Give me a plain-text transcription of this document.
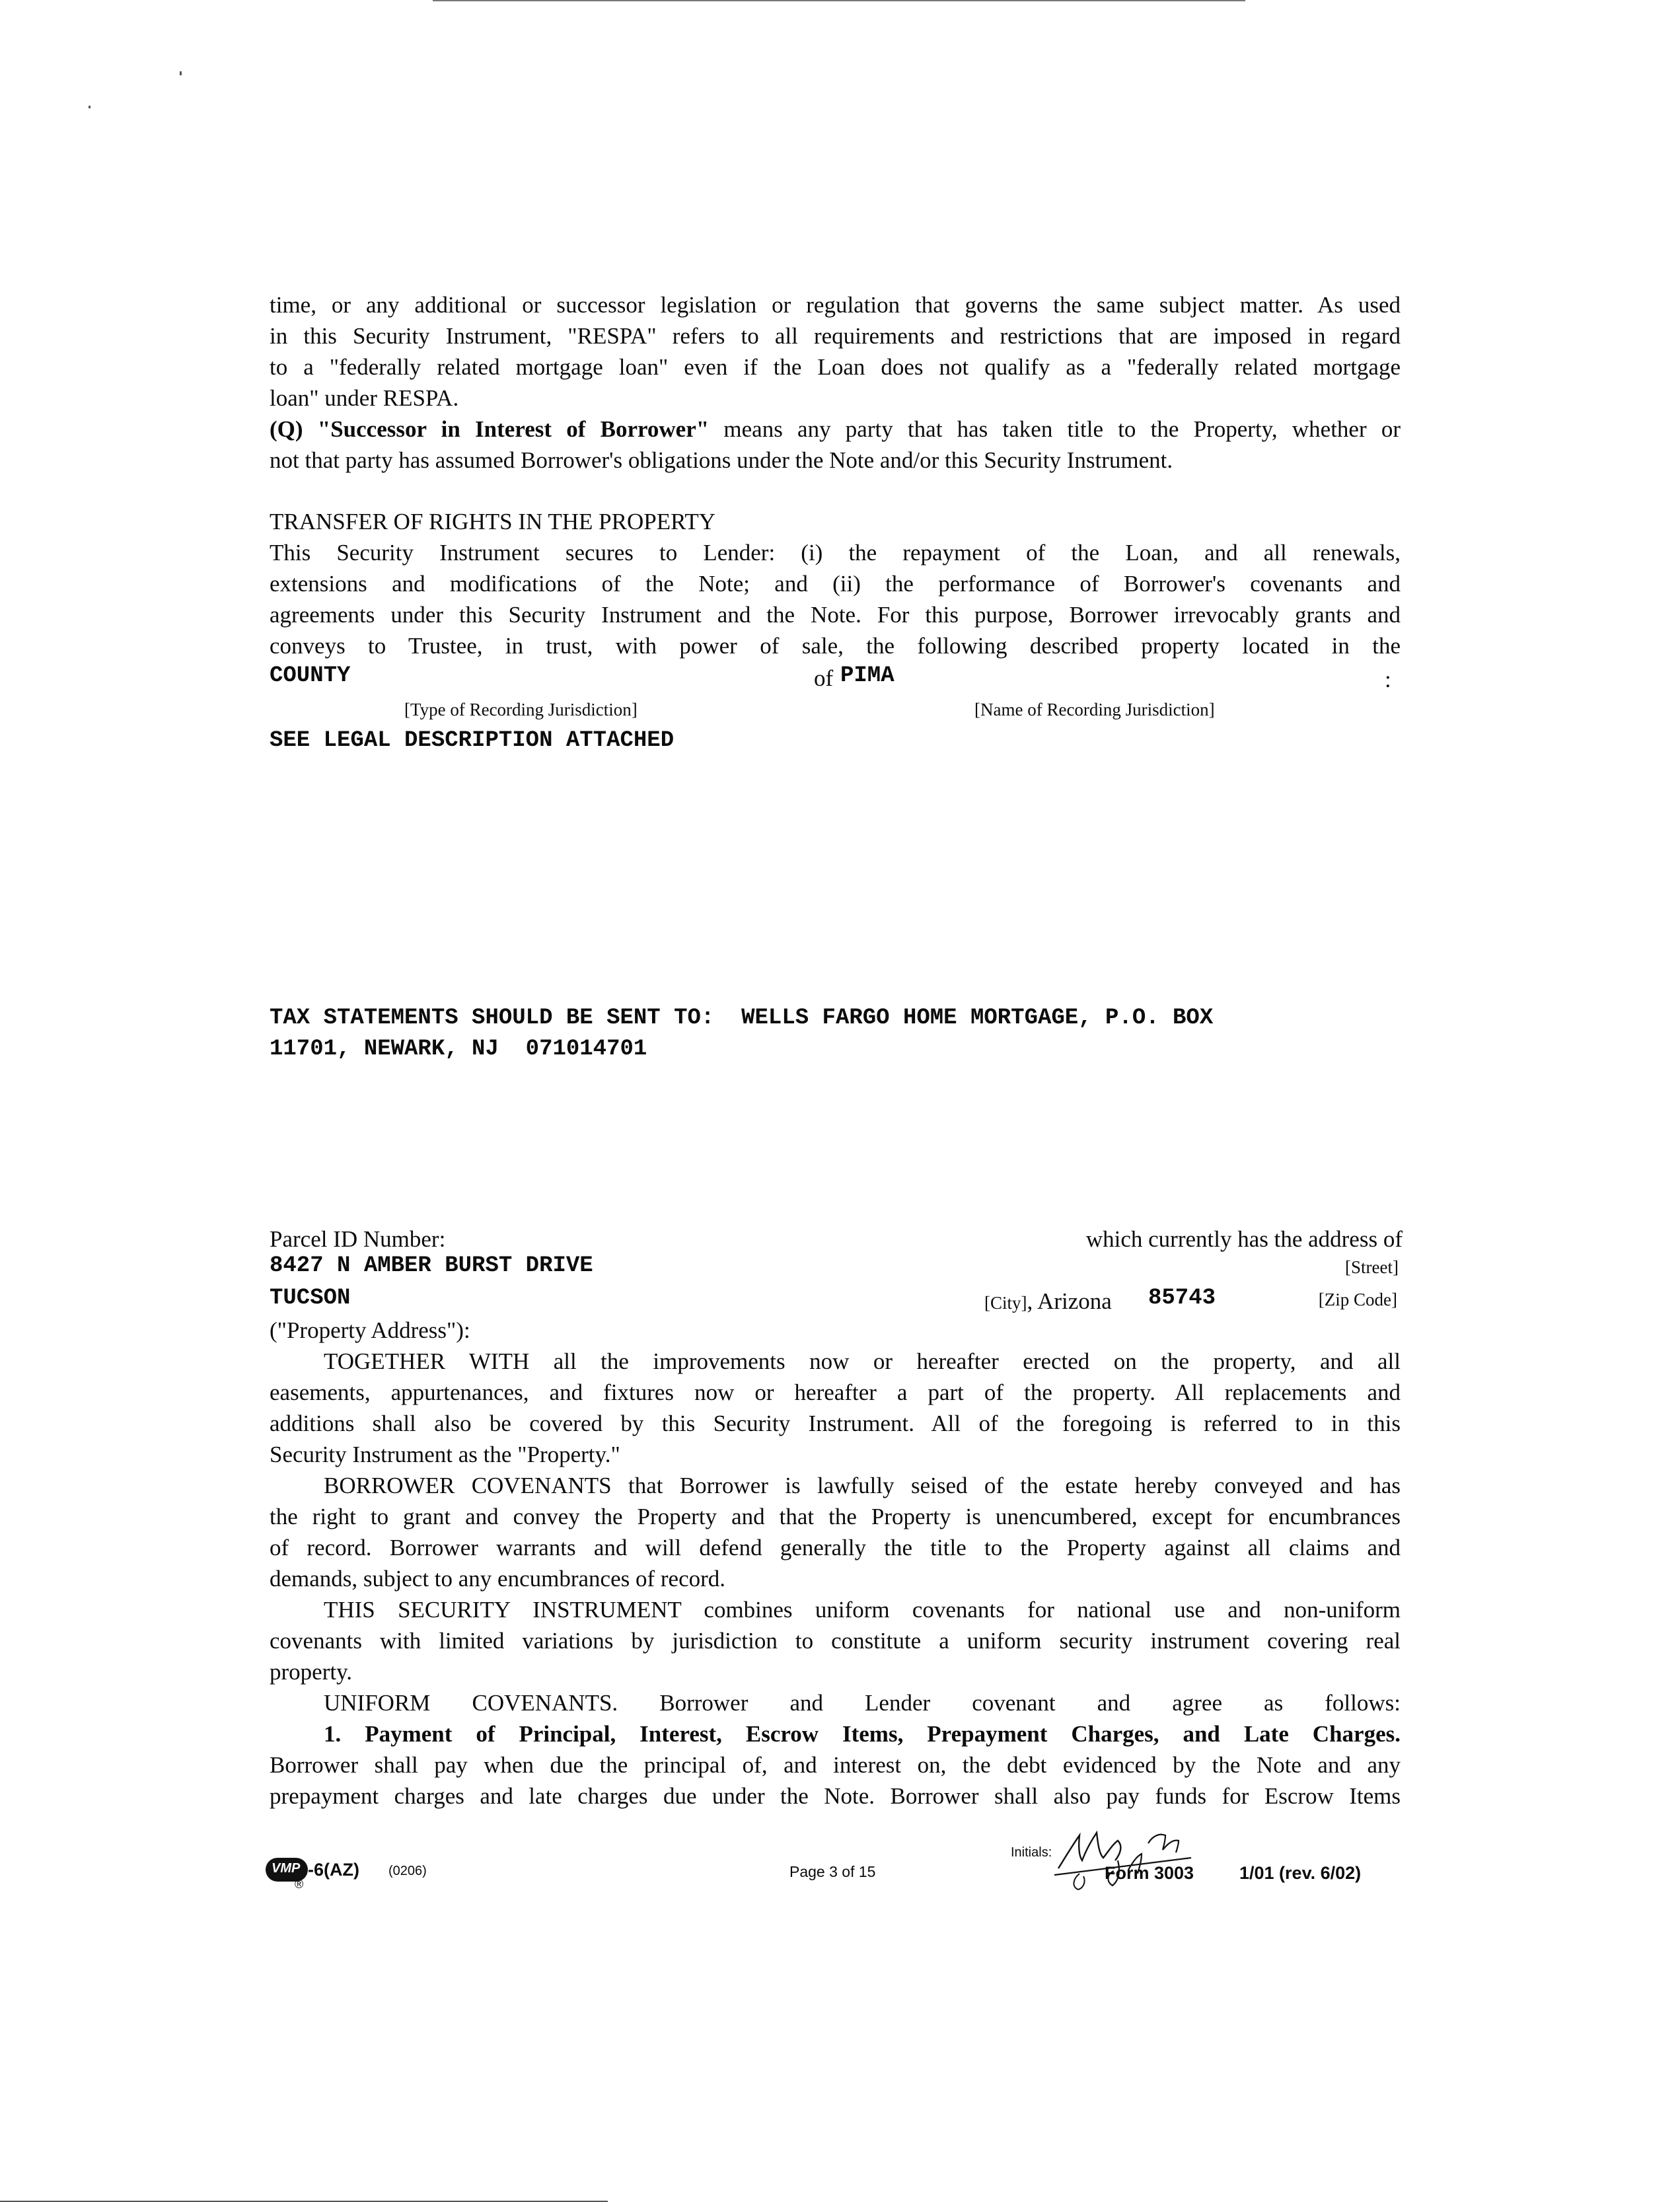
time, or any additional or successor legislation or regulation that governs the same subject matter. As used
in this Security Instrument, "RESPA" refers to all requirements and restrictions that are imposed in regard
to a "federally related mortgage loan" even if the Loan does not qualify as a "federally related mortgage
loan" under RESPA.
(Q) "Successor in Interest of Borrower" means any party that has taken title to the Property, whether or
not that party has assumed Borrower's obligations under the Note and/or this Security Instrument.
TRANSFER OF RIGHTS IN THE PROPERTY
This Security Instrument secures to Lender: (i) the repayment of the Loan, and all renewals,
extensions and modifications of the Note; and (ii) the performance of Borrower's covenants and
agreements under this Security Instrument and the Note. For this purpose, Borrower irrevocably grants and
conveys to Trustee, in trust, with power of sale, the following described property located in the
COUNTY	of PIMA	:
[Type of Recording Jurisdiction]	[Name of Recording Jurisdiction]
SEE LEGAL DESCRIPTION ATTACHED
TAX STATEMENTS SHOULD BE SENT TO:  WELLS FARGO HOME MORTGAGE, P.O. BOX
11701, NEWARK, NJ  071014701
Parcel ID Number:	which currently has the address of
8427 N AMBER BURST DRIVE	[Street]
TUCSON	[City], Arizona 85743	[Zip Code]
("Property Address"):
TOGETHER WITH all the improvements now or hereafter erected on the property, and all
easements, appurtenances, and fixtures now or hereafter a part of the property. All replacements and
additions shall also be covered by this Security Instrument. All of the foregoing is referred to in this
Security Instrument as the "Property."
BORROWER COVENANTS that Borrower is lawfully seised of the estate hereby conveyed and has
the right to grant and convey the Property and that the Property is unencumbered, except for encumbrances
of record. Borrower warrants and will defend generally the title to the Property against all claims and
demands, subject to any encumbrances of record.
THIS SECURITY INSTRUMENT combines uniform covenants for national use and non-uniform
covenants with limited variations by jurisdiction to constitute a uniform security instrument covering real
property.
UNIFORM COVENANTS. Borrower and Lender covenant and agree as follows:
1. Payment of Principal, Interest, Escrow Items, Prepayment Charges, and Late Charges.
Borrower shall pay when due the principal of, and interest on, the debt evidenced by the Note and any
prepayment charges and late charges due under the Note. Borrower shall also pay funds for Escrow Items
VMP
®
-6(AZ) (0206)	Page 3 of 15
Initials:
Form 3003	1/01 (rev. 6/02)
